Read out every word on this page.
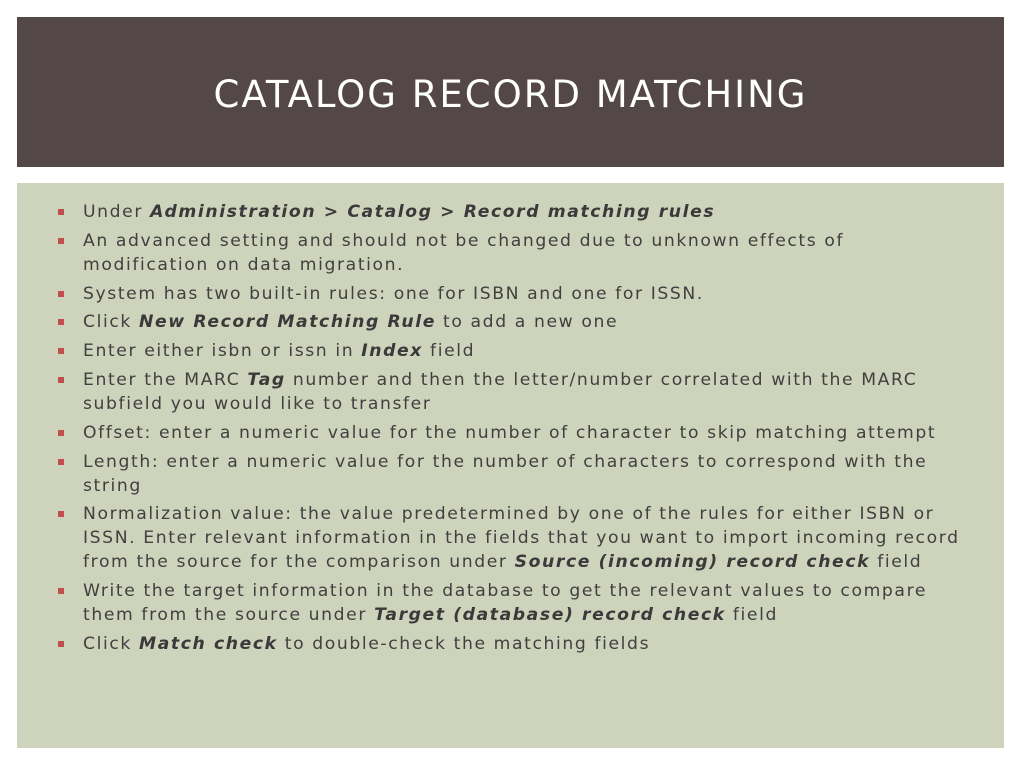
CATALOG RECORD MATCHING
Under Administration > Catalog > Record matching rules
An advanced setting and should not be changed due to unknown effects of modification on data migration.
System has two built-in rules: one for ISBN and one for ISSN.
Click New Record Matching Rule to add a new one
Enter either isbn or issn in Index field
Enter the MARC Tag number and then the letter/number correlated with the MARC subfield you would like to transfer
Offset: enter a numeric value for the number of character to skip matching attempt
Length: enter a numeric value for the number of characters to correspond with the string
Normalization value: the value predetermined by one of the rules for either ISBN or ISSN. Enter relevant information in the fields that you want to import incoming record from the source for the comparison under Source (incoming) record check field
Write the target information in the database to get the relevant values to compare them from the source under Target (database) record check field
Click Match check to double-check the matching fields
